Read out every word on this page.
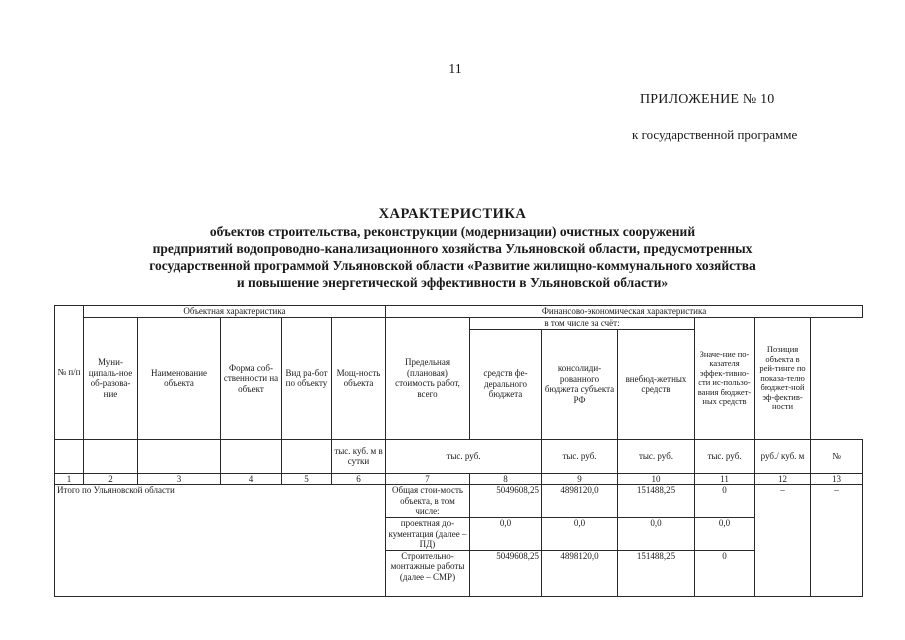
11
ПРИЛОЖЕНИЕ № 10
к государственной программе
ХАРАКТЕРИСТИКА
объектов строительства, реконструкции (модернизации) очистных сооружений
предприятий водопроводно-канализационного хозяйства Ульяновской области, предусмотренных
государственной программой Ульяновской области «Развитие жилищно-коммунального хозяйства
и повышение энергетической эффективности в Ульяновской области»
№ п/п	Объектная характеристика					Финансово-экономическая характеристика						
	Муни-ципаль-ное об-разова-ние	Наименование объекта	Форма соб-ственности на объект	Вид ра-бот по объекту	Мощ-ность объекта	Предельная (плановая) стоимость работ, всего	в том числе за счёт:			Значе-ние по-казателя эффек-тивно-сти ис-пользо-вания бюджет-ных средств	Позиция объекта в рей-тинге по показа-телю бюджет-ной эф-фектив-ности	
							средств фе-дерального бюджета	консолиди-рованного бюджета субъекта РФ	внебюд-жетных средств			
					тыс. куб. м в сутки	тыс. руб.		тыс. руб.	тыс. руб.	тыс. руб.	руб./ куб. м	№
1	2	3	4	5	6	7	8	9	10	11	12	13
Итого по Ульяновской области						Общая стои-мость объекта, в том числе:	5049608,25	4898120,0	151488,25	0	–	–
						проектная до-кументация (далее – ПД)	0,0	0,0	0,0	0,0		
						Строительно-монтажные работы (далее – СМР)	5049608,25	4898120,0	151488,25	0		
